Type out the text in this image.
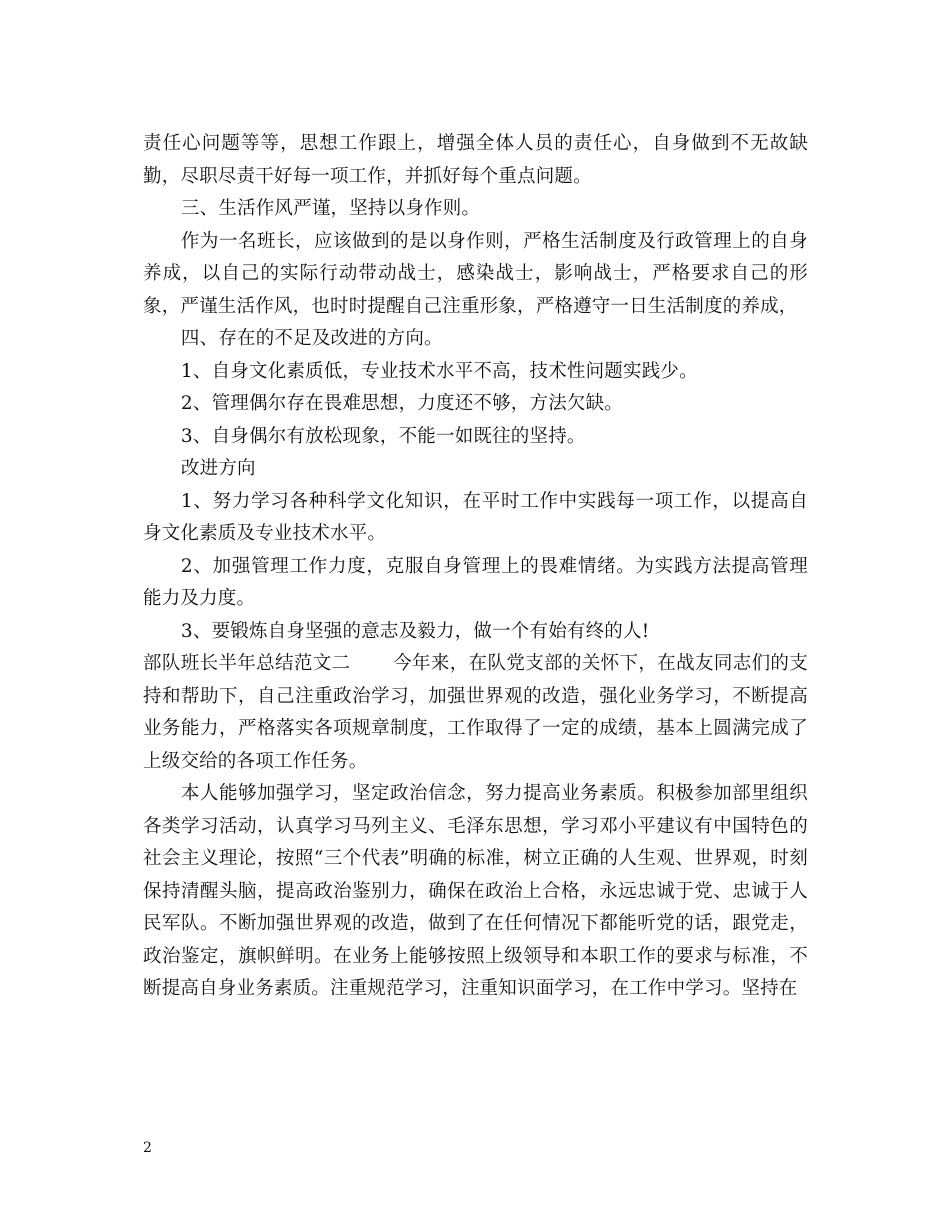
责任心问题等等，思想工作跟上，增强全体人员的责任心，自身做到不无故缺勤，尽职尽责干好每一项工作，并抓好每个重点问题。

三、生活作风严谨，坚持以身作则。

作为一名班长，应该做到的是以身作则，严格生活制度及行政管理上的自身养成，以自己的实际行动带动战士，感染战士，影响战士，严格要求自己的形象，严谨生活作风，也时时提醒自己注重形象，严格遵守一日生活制度的养成，

四、存在的不足及改进的方向。

1、自身文化素质低，专业技术水平不高，技术性问题实践少。

2、管理偶尔存在畏难思想，力度还不够，方法欠缺。

3、自身偶尔有放松现象，不能一如既往的坚持。

改进方向

1、努力学习各种科学文化知识，在平时工作中实践每一项工作，以提高自身文化素质及专业技术水平。

2、加强管理工作力度，克服自身管理上的畏难情绪。为实践方法提高管理能力及力度。

3、要锻炼自身坚强的意志及毅力，做一个有始有终的人!

部队班长半年总结范文二 今年来，在队党支部的关怀下，在战友同志们的支持和帮助下，自己注重政治学习，加强世界观的改造，强化业务学习，不断提高业务能力，严格落实各项规章制度，工作取得了一定的成绩，基本上圆满完成了上级交给的各项工作任务。

本人能够加强学习，坚定政治信念，努力提高业务素质。积极参加部里组织各类学习活动，认真学习马列主义、毛泽东思想，学习邓小平建议有中国特色的社会主义理论，按照“三个代表”明确的标准，树立正确的人生观、世界观，时刻保持清醒头脑，提高政治鉴别力，确保在政治上合格，永远忠诚于党、忠诚于人民军队。不断加强世界观的改造，做到了在任何情况下都能听党的话，跟党走，政治鉴定，旗帜鲜明。在业务上能够按照上级领导和本职工作的要求与标准，不断提高自身业务素质。注重规范学习，注重知识面学习，在工作中学习。坚持在

2
